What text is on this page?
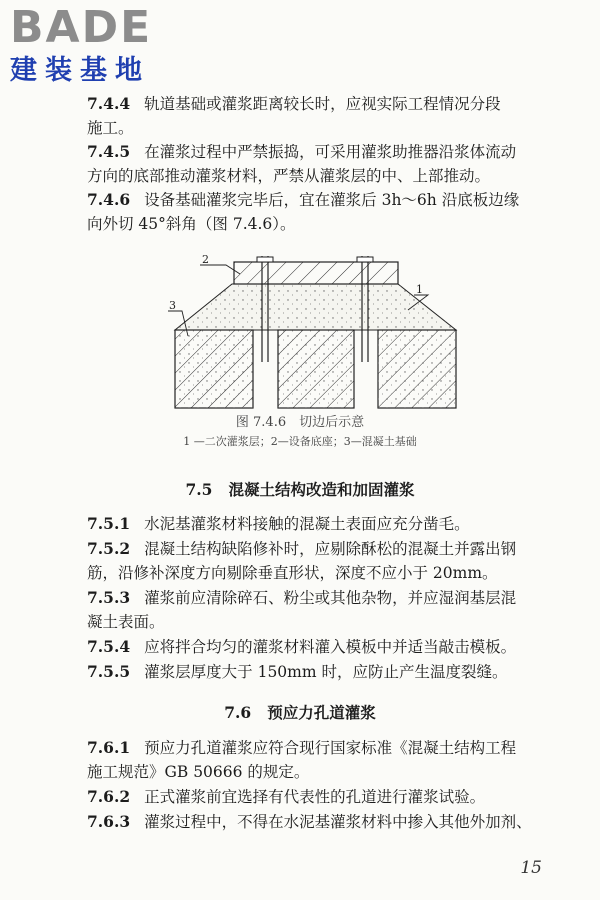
BADE
建装基地
7.4.4 轨道基础或灌浆距离较长时，应视实际工程情况分段
施工。
7.4.5 在灌浆过程中严禁振捣，可采用灌浆助推器沿浆体流动
方向的底部推动灌浆材料，严禁从灌浆层的中、上部推动。
7.4.6 设备基础灌浆完毕后，宜在灌浆后 3h～6h 沿底板边缘
向外切 45°斜角（图 7.4.6）。
2
3
1
图 7.4.6　切边后示意
1 —二次灌浆层；2—设备底座；3—混凝土基础
7.5 混凝土结构改造和加固灌浆
7.5.1 水泥基灌浆材料接触的混凝土表面应充分凿毛。
7.5.2 混凝土结构缺陷修补时，应剔除酥松的混凝土并露出钢
筋，沿修补深度方向剔除垂直形状，深度不应小于 20mm。
7.5.3 灌浆前应清除碎石、粉尘或其他杂物，并应湿润基层混
凝土表面。
7.5.4 应将拌合均匀的灌浆材料灌入模板中并适当敲击模板。
7.5.5 灌浆层厚度大于 150mm 时，应防止产生温度裂缝。
7.6 预应力孔道灌浆
7.6.1 预应力孔道灌浆应符合现行国家标准《混凝土结构工程
施工规范》GB 50666 的规定。
7.6.2 正式灌浆前宜选择有代表性的孔道进行灌浆试验。
7.6.3 灌浆过程中，不得在水泥基灌浆材料中掺入其他外加剂、
15
